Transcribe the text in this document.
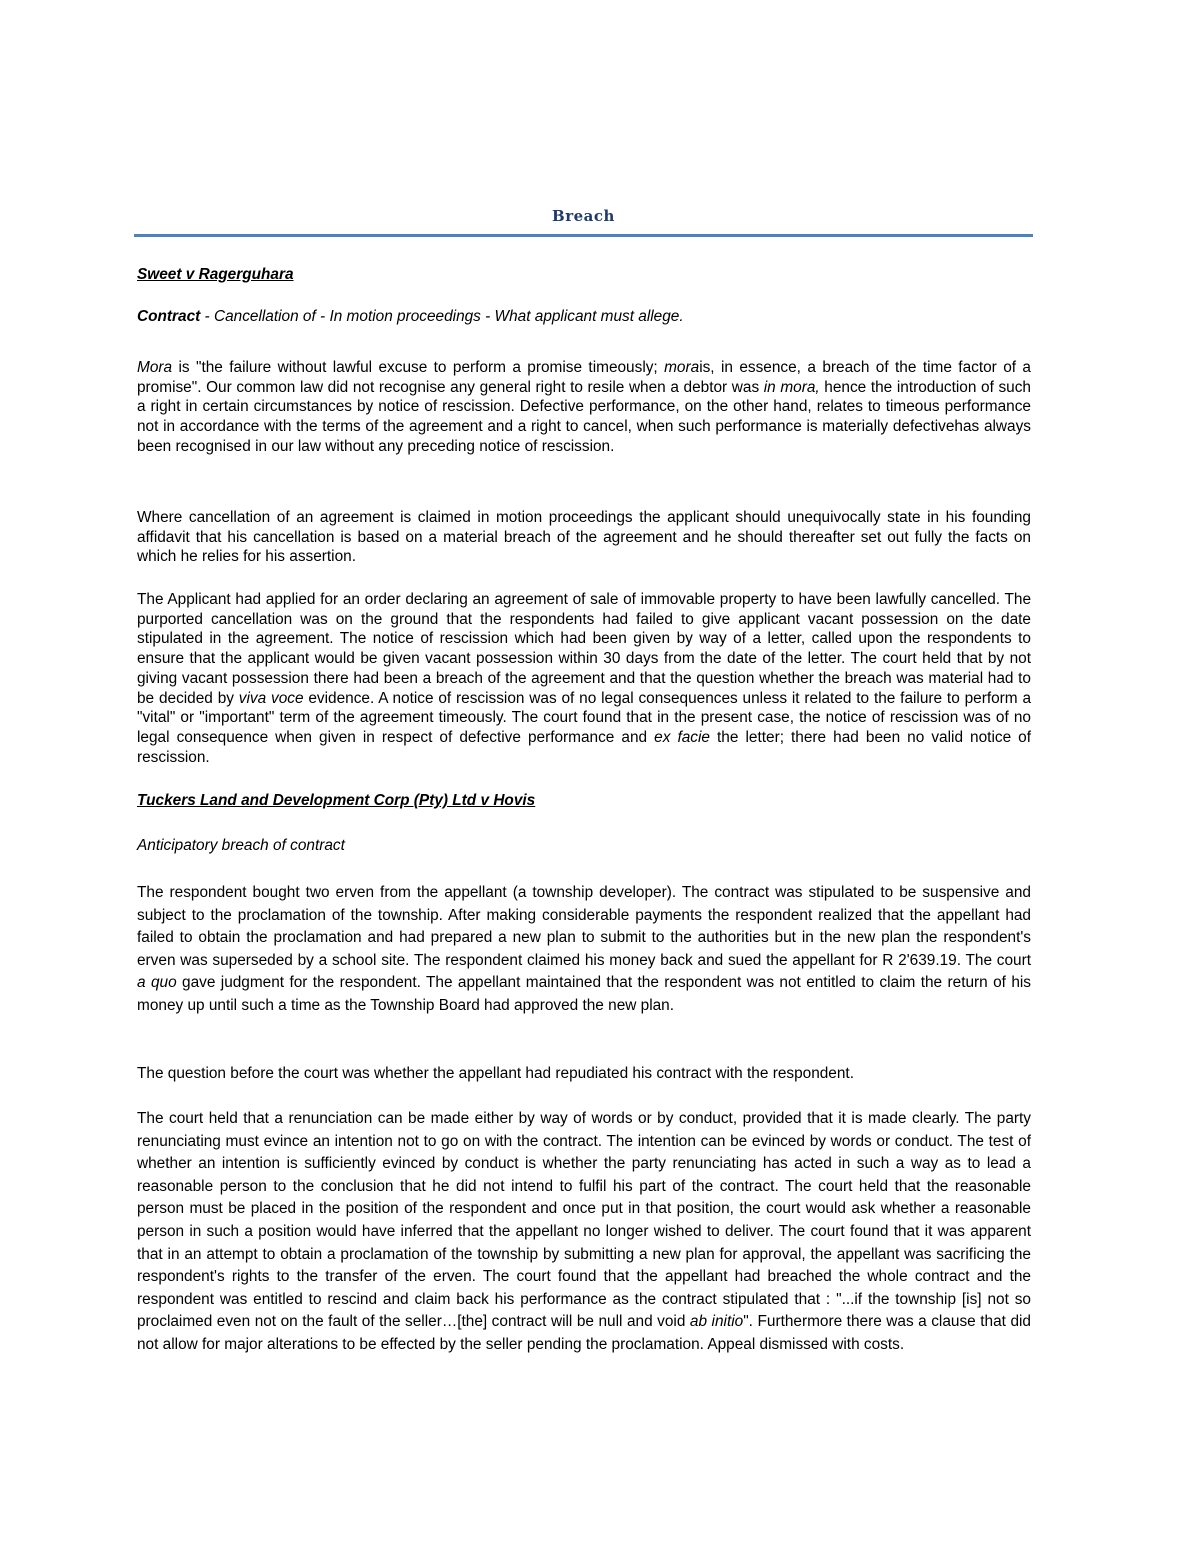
Breach

Sweet v Ragerguhara

Contract - Cancellation of - In motion proceedings - What applicant must allege.

Mora is "the failure without lawful excuse to perform a promise timeously; morais, in essence, a breach of the time factor of a promise". Our common law did not recognise any general right to resile when a debtor was in mora, hence the introduction of such a right in certain circumstances by notice of rescission. Defective performance, on the other hand, relates to timeous performance not in accordance with the terms of the agreement and a right to cancel, when such performance is materially defectivehas always been recognised in our law without any preceding notice of rescission.

Where cancellation of an agreement is claimed in motion proceedings the applicant should unequivocally state in his founding affidavit that his cancellation is based on a material breach of the agreement and he should thereafter set out fully the facts on which he relies for his assertion.

The Applicant had applied for an order declaring an agreement of sale of immovable property to have been lawfully cancelled. The purported cancellation was on the ground that the respondents had failed to give applicant vacant possession on the date stipulated in the agreement. The notice of rescission which had been given by way of a letter, called upon the respondents to ensure that the applicant would be given vacant possession within 30 days from the date of the letter. The court held that by not giving vacant possession there had been a breach of the agreement and that the question whether the breach was material had to be decided by viva voce evidence. A notice of rescission was of no legal consequences unless it related to the failure to perform a "vital" or "important" term of the agreement timeously. The court found that in the present case, the notice of rescission was of no legal consequence when given in respect of defective performance and ex facie the letter; there had been no valid notice of rescission.

Tuckers Land and Development Corp (Pty) Ltd v Hovis

Anticipatory breach of contract

The respondent bought two erven from the appellant (a township developer). The contract was stipulated to be suspensive and subject to the proclamation of the township. After making considerable payments the respondent realized that the appellant had failed to obtain the proclamation and had prepared a new plan to submit to the authorities but in the new plan the respondent's erven was superseded by a school site. The respondent claimed his money back and sued the appellant for R 2'639.19. The court a quo gave judgment for the respondent. The appellant maintained that the respondent was not entitled to claim the return of his money up until such a time as the Township Board had approved the new plan.

The question before the court was whether the appellant had repudiated his contract with the respondent.

The court held that a renunciation can be made either by way of words or by conduct, provided that it is made clearly. The party renunciating must evince an intention not to go on with the contract. The intention can be evinced by words or conduct. The test of whether an intention is sufficiently evinced by conduct is whether the party renunciating has acted in such a way as to lead a reasonable person to the conclusion that he did not intend to fulfil his part of the contract. The court held that the reasonable person must be placed in the position of the respondent and once put in that position, the court would ask whether a reasonable person in such a position would have inferred that the appellant no longer wished to deliver. The court found that it was apparent that in an attempt to obtain a proclamation of the township by submitting a new plan for approval, the appellant was sacrificing the respondent's rights to the transfer of the erven. The court found that the appellant had breached the whole contract and the respondent was entitled to rescind and claim back his performance as the contract stipulated that : "...if the township [is] not so proclaimed even not on the fault of the seller…[the] contract will be null and void ab initio". Furthermore there was a clause that did not allow for major alterations to be effected by the seller pending the proclamation. Appeal dismissed with costs.
